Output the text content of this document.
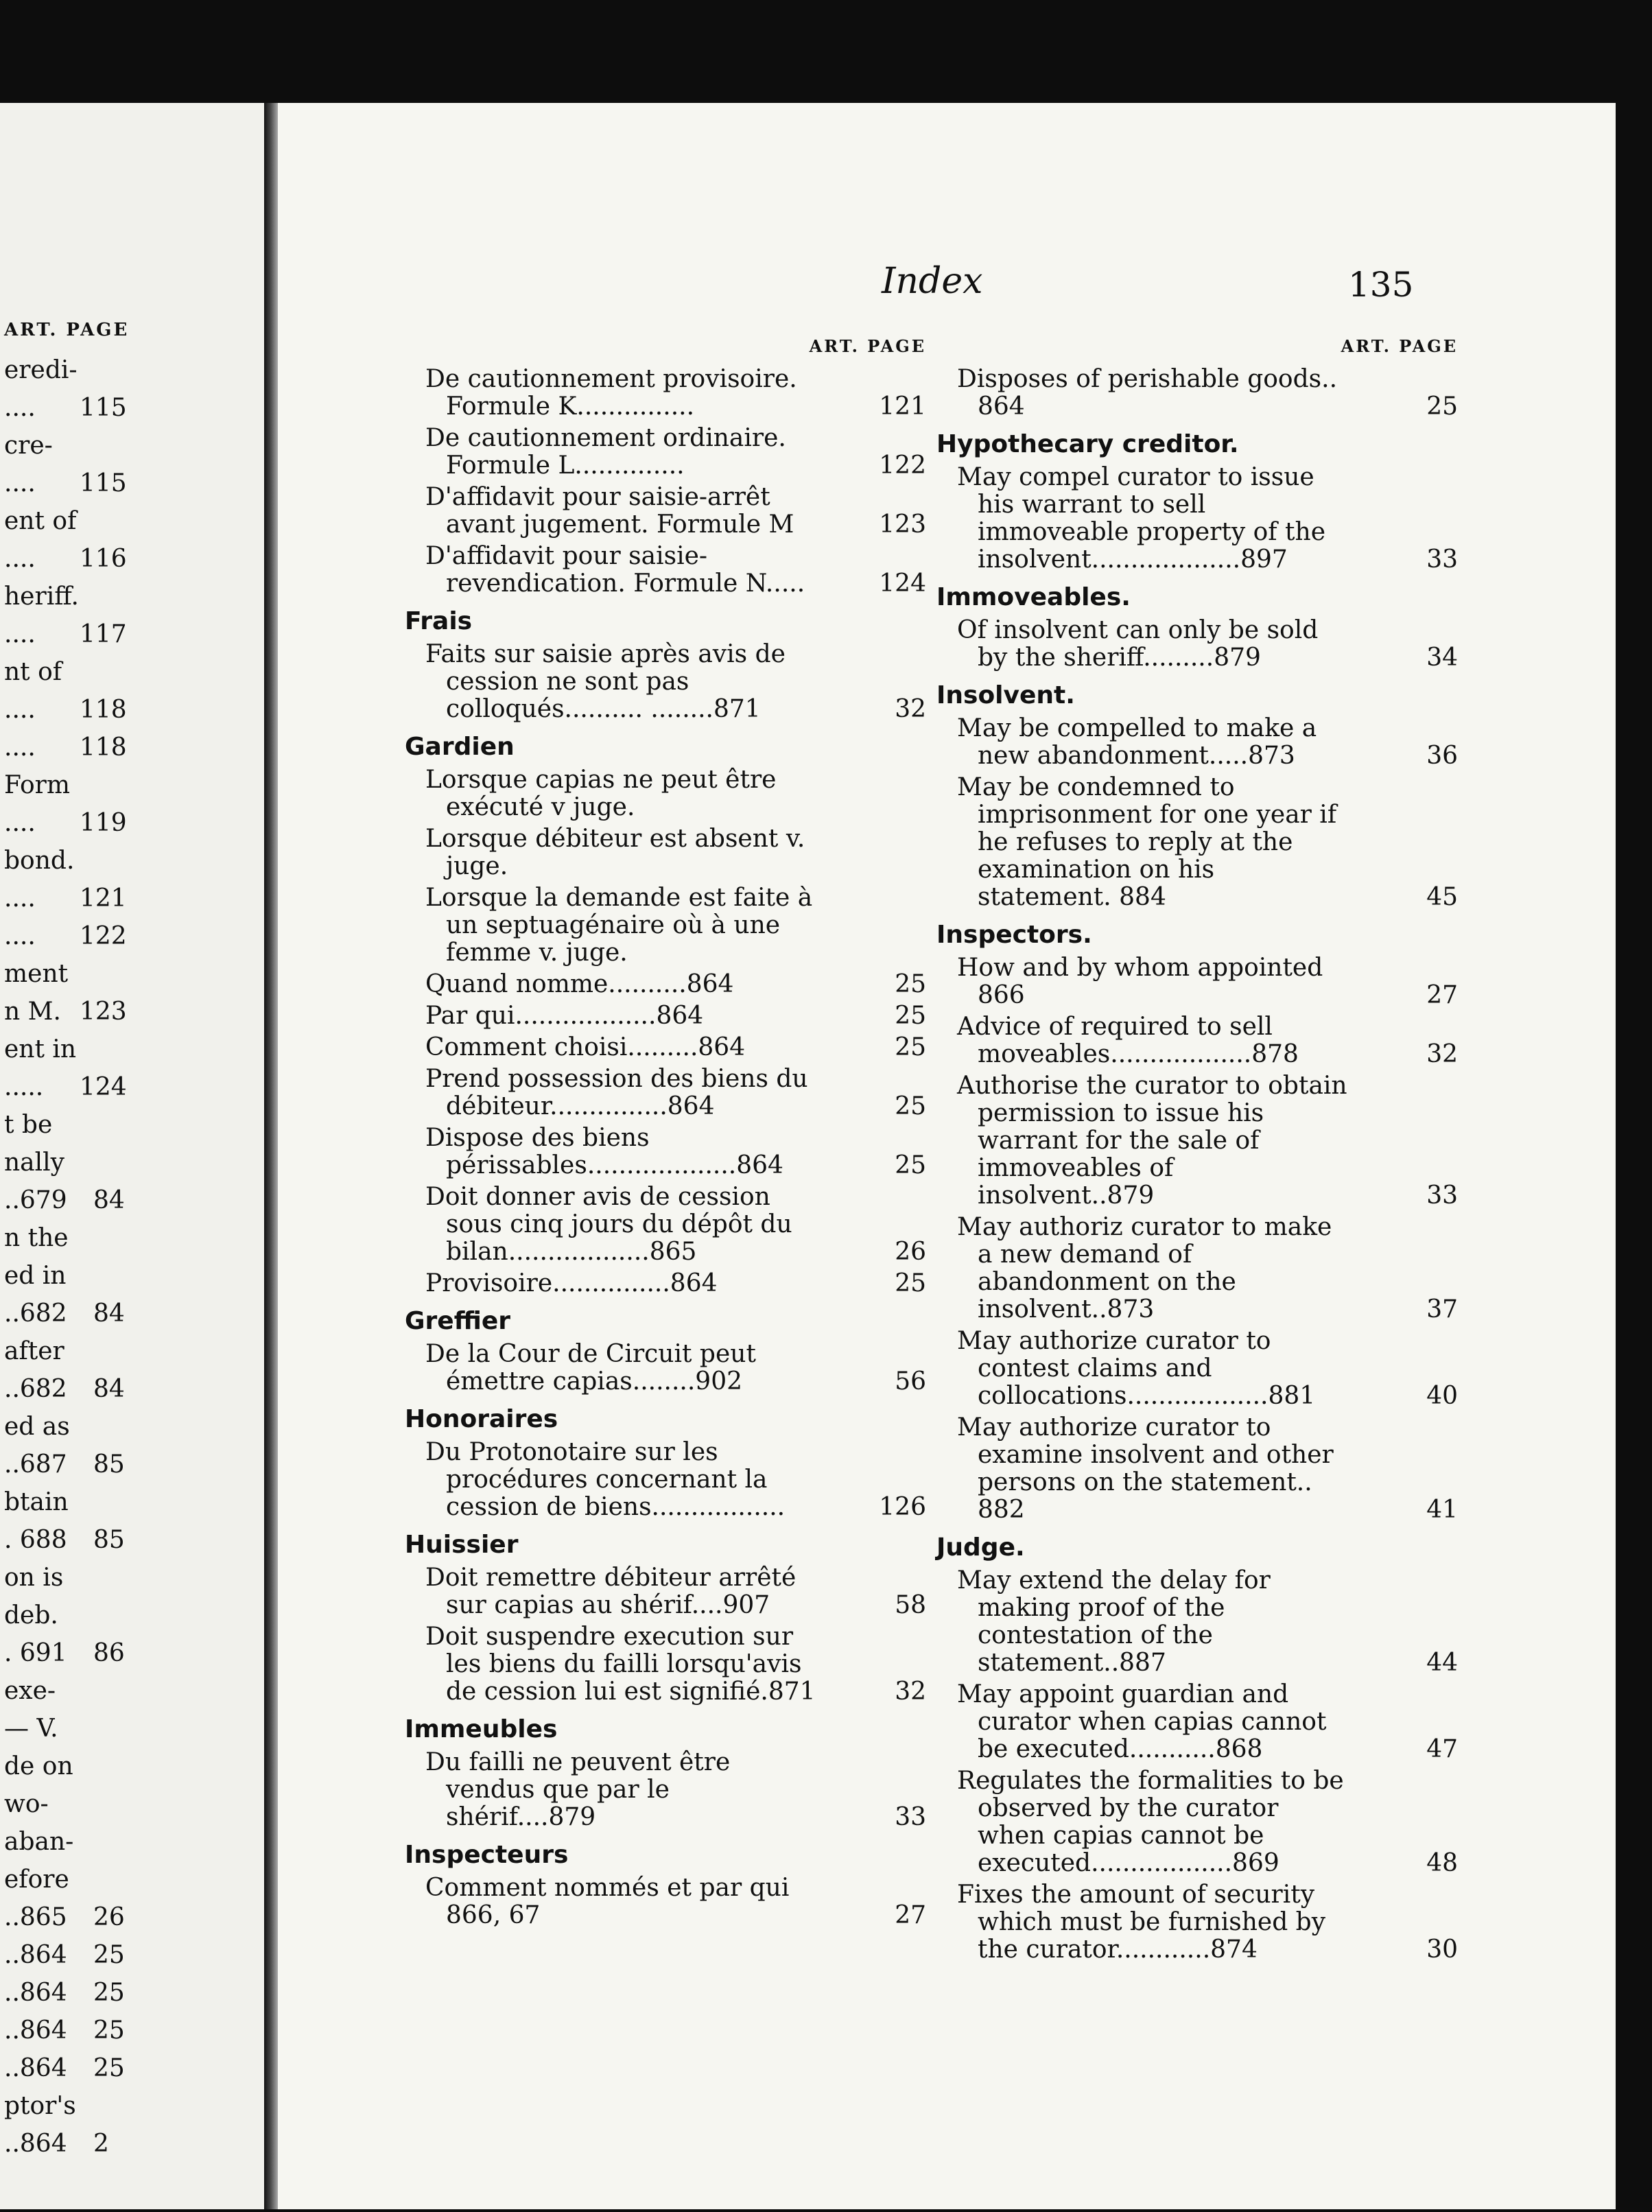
ART. PAGE
eredi-
.... 115
cre-
.... 115
ent of
.... 116
heriff.
.... 117
nt of
.... 118
.... 118
Form
.... 119
bond.
.... 121
.... 122
ment
n M. 123
ent in
..... 124
t be
nally
..679 84
n the
ed in
..682 84
after
..682 84
ed as
..687 85
btain
. 688 85
on is
deb.
. 691 86
exe-
— V.
de on
wo-
aban-
efore
..865 26
..864 25
..864 25
..864 25
..864 25
ptor's
..864 2
Index	135
ART. PAGE
De cautionnement provisoire. Formule K...............	121
De cautionnement ordinaire. Formule L..............	122
D'affidavit pour saisie-arrêt avant jugement. Formule M	123
D'affidavit pour saisie-revendication. Formule N.....	124
Frais
Faits sur saisie après avis de cession ne sont pas colloqués.......... ........871	32
Gardien
Lorsque capias ne peut être exécuté v juge.
Lorsque débiteur est absent v. juge.
Lorsque la demande est faite à un septuagénaire où à une femme v. juge.
Quand nomme..........864	25
Par qui..................864	25
Comment choisi.........864	25
Prend possession des biens du débiteur...............864	25
Dispose des biens périssables...................864	25
Doit donner avis de cession sous cinq jours du dépôt du bilan..................865	26
Provisoire...............864	25
Greffier
De la Cour de Circuit peut émettre capias........902	56
Honoraires
Du Protonotaire sur les procédures concernant la cession de biens.................	126
Huissier
Doit remettre débiteur arrêté sur capias au shérif....907	58
Doit suspendre execution sur les biens du failli lorsqu'avis de cession lui est signifié.871	32
Immeubles
Du failli ne peuvent être vendus que par le shérif....879	33
Inspecteurs
Comment nommés et par qui 866, 67	27
ART. PAGE
Disposes of perishable goods.. 864	25
Hypothecary creditor.
May compel curator to issue his warrant to sell immoveable property of the insolvent...................897	33
Immoveables.
Of insolvent can only be sold by the sheriff.........879	34
Insolvent.
May be compelled to make a new abandonment.....873	36
May be condemned to imprisonment for one year if he refuses to reply at the examination on his statement. 884	45
Inspectors.
How and by whom appointed 866	27
Advice of required to sell moveables..................878	32
Authorise the curator to obtain permission to issue his warrant for the sale of immoveables of insolvent..879	33
May authoriz curator to make a new demand of abandonment on the insolvent..873	37
May authorize curator to contest claims and collocations..................881	40
May authorize curator to examine insolvent and other persons on the statement.. 882	41
Judge.
May extend the delay for making proof of the contestation of the statement..887	44
May appoint guardian and curator when capias cannot be executed...........868	47
Regulates the formalities to be observed by the curator when capias cannot be executed..................869	48
Fixes the amount of security which must be furnished by the curator............874	30
